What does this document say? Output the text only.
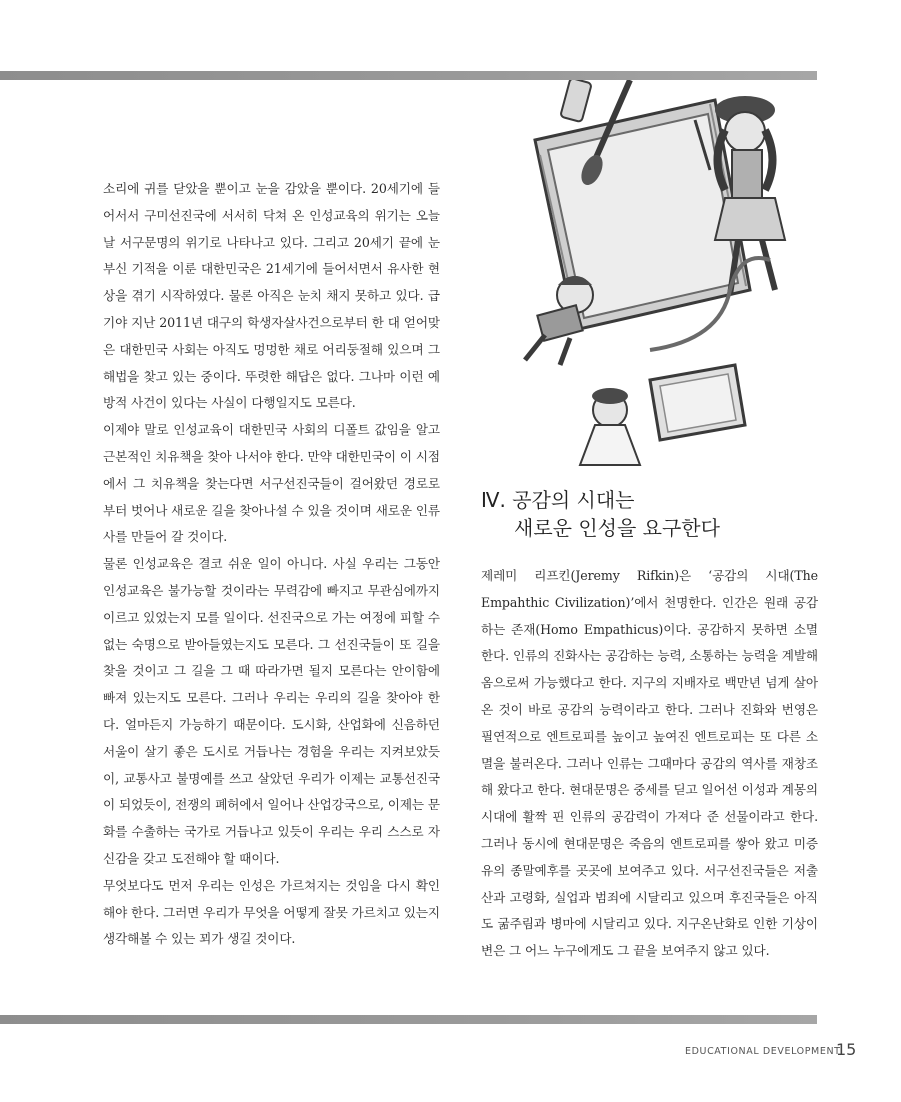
소리에 귀를 닫았을 뿐이고 눈을 감았을 뿐이다. 20세기에 들어서서 구미선진국에 서서히 닥쳐 온 인성교육의 위기는 오늘날 서구문명의 위기로 나타나고 있다. 그리고 20세기 끝에 눈부신 기적을 이룬 대한민국은 21세기에 들어서면서 유사한 현상을 겪기 시작하였다. 물론 아직은 눈치 채지 못하고 있다. 급기야 지난 2011년 대구의 학생자살사건으로부터 한 대 얻어맞은 대한민국 사회는 아직도 멍멍한 채로 어리둥절해 있으며 그 해법을 찾고 있는 중이다. 뚜렷한 해답은 없다. 그나마 이런 예방적 사건이 있다는 사실이 다행일지도 모른다.

이제야 말로 인성교육이 대한민국 사회의 디폴트 값임을 알고 근본적인 치유책을 찾아 나서야 한다. 만약 대한민국이 이 시점에서 그 치유책을 찾는다면 서구선진국들이 걸어왔던 경로로부터 벗어나 새로운 길을 찾아나설 수 있을 것이며 새로운 인류사를 만들어 갈 것이다.

물론 인성교육은 결코 쉬운 일이 아니다. 사실 우리는 그동안 인성교육은 불가능할 것이라는 무력감에 빠지고 무관심에까지 이르고 있었는지 모를 일이다. 선진국으로 가는 여정에 피할 수 없는 숙명으로 받아들였는지도 모른다. 그 선진국들이 또 길을 찾을 것이고 그 길을 그 때 따라가면 될지 모른다는 안이함에 빠져 있는지도 모른다. 그러나 우리는 우리의 길을 찾아야 한다. 얼마든지 가능하기 때문이다. 도시화, 산업화에 신음하던 서울이 살기 좋은 도시로 거듭나는 경험을 우리는 지켜보았듯이, 교통사고 불명예를 쓰고 살았던 우리가 이제는 교통선진국이 되었듯이, 전쟁의 폐허에서 일어나 산업강국으로, 이제는 문화를 수출하는 국가로 거듭나고 있듯이 우리는 우리 스스로 자신감을 갖고 도전해야 할 때이다.

무엇보다도 먼저 우리는 인성은 가르쳐지는 것임을 다시 확인해야 한다. 그러면 우리가 무엇을 어떻게 잘못 가르치고 있는지 생각해볼 수 있는 꾀가 생길 것이다.

Ⅳ. 공감의 시대는
새로운 인성을 요구한다

제레미 리프킨(Jeremy Rifkin)은 ‘공감의 시대(The Empahthic Civilization)’에서 천명한다. 인간은 원래 공감하는 존재(Homo Empathicus)이다. 공감하지 못하면 소멸한다. 인류의 진화사는 공감하는 능력, 소통하는 능력을 계발해옴으로써 가능했다고 한다. 지구의 지배자로 백만년 넘게 살아 온 것이 바로 공감의 능력이라고 한다. 그러나 진화와 번영은 필연적으로 엔트로피를 높이고 높여진 엔트로피는 또 다른 소멸을 불러온다. 그러나 인류는 그때마다 공감의 역사를 재창조해 왔다고 한다. 현대문명은 중세를 딛고 일어선 이성과 계몽의 시대에 활짝 핀 인류의 공감력이 가져다 준 선물이라고 한다. 그러나 동시에 현대문명은 죽음의 엔트로피를 쌓아 왔고 미증유의 종말예후를 곳곳에 보여주고 있다. 서구선진국들은 저출산과 고령화, 실업과 범죄에 시달리고 있으며 후진국들은 아직도 굶주림과 병마에 시달리고 있다. 지구온난화로 인한 기상이변은 그 어느 누구에게도 그 끝을 보여주지 않고 있다.

EDUCATIONAL DEVELOPMENT
15
